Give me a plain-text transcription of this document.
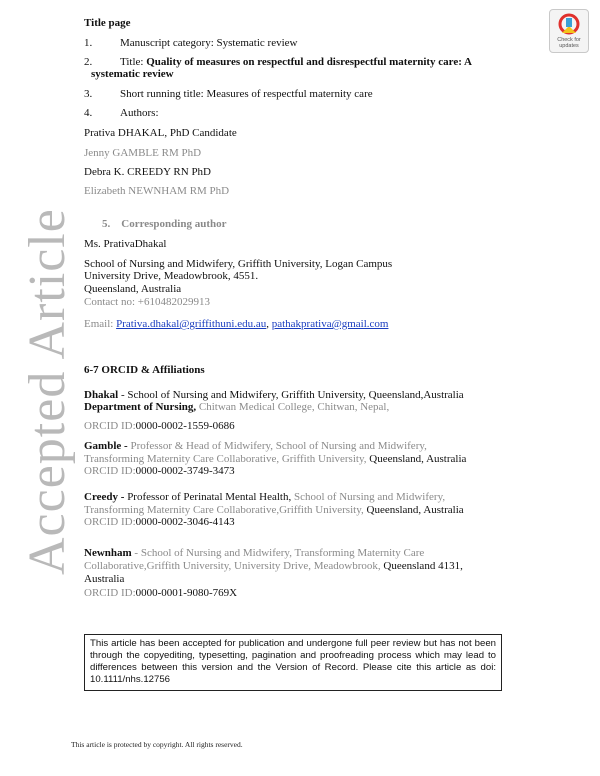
Accepted Article
Check for
updates
Title page
1.	Manuscript category: Systematic review
2.	Title: Quality of measures on respectful and disrespectful maternity care: A
systematic review
3.	Short running title: Measures of respectful maternity care
4.	Authors:
Prativa DHAKAL, PhD Candidate
Jenny GAMBLE RM PhD
Debra K. CREEDY RN PhD
Elizabeth NEWNHAM RM PhD
5.    Corresponding author
Ms. PrativaDhakal
School of Nursing and Midwifery, Griffith University, Logan Campus
University Drive, Meadowbrook, 4551.
Queensland, Australia
Contact no: +610482029913
Email: Prativa.dhakal@griffithuni.edu.au, pathakprativa@gmail.com
6-7 ORCID & Affiliations
Dhakal - School of Nursing and Midwifery, Griffith University, Queensland,Australia
Department of Nursing, Chitwan Medical College, Chitwan, Nepal,
ORCID ID:0000-0002-1559-0686
Gamble - Professor & Head of Midwifery, School of Nursing and Midwifery,
Transforming Maternity Care Collaborative, Griffith University, Queensland, Australia
ORCID ID:0000-0002-3749-3473
Creedy - Professor of Perinatal Mental Health, School of Nursing and Midwifery,
Transforming Maternity Care Collaborative,Griffith University, Queensland, Australia
ORCID ID:0000-0002-3046-4143
Newnham - School of Nursing and Midwifery, Transforming Maternity Care
Collaborative,Griffith University, University Drive, Meadowbrook, Queensland 4131,
Australia
ORCID ID:0000-0001-9080-769X
This article has been accepted for publication and undergone full peer review but has not been through the copyediting, typesetting, pagination and proofreading process which may lead to differences between this version and the Version of Record. Please cite this article as doi: 10.1111/nhs.12756
This article is protected by copyright. All rights reserved.
